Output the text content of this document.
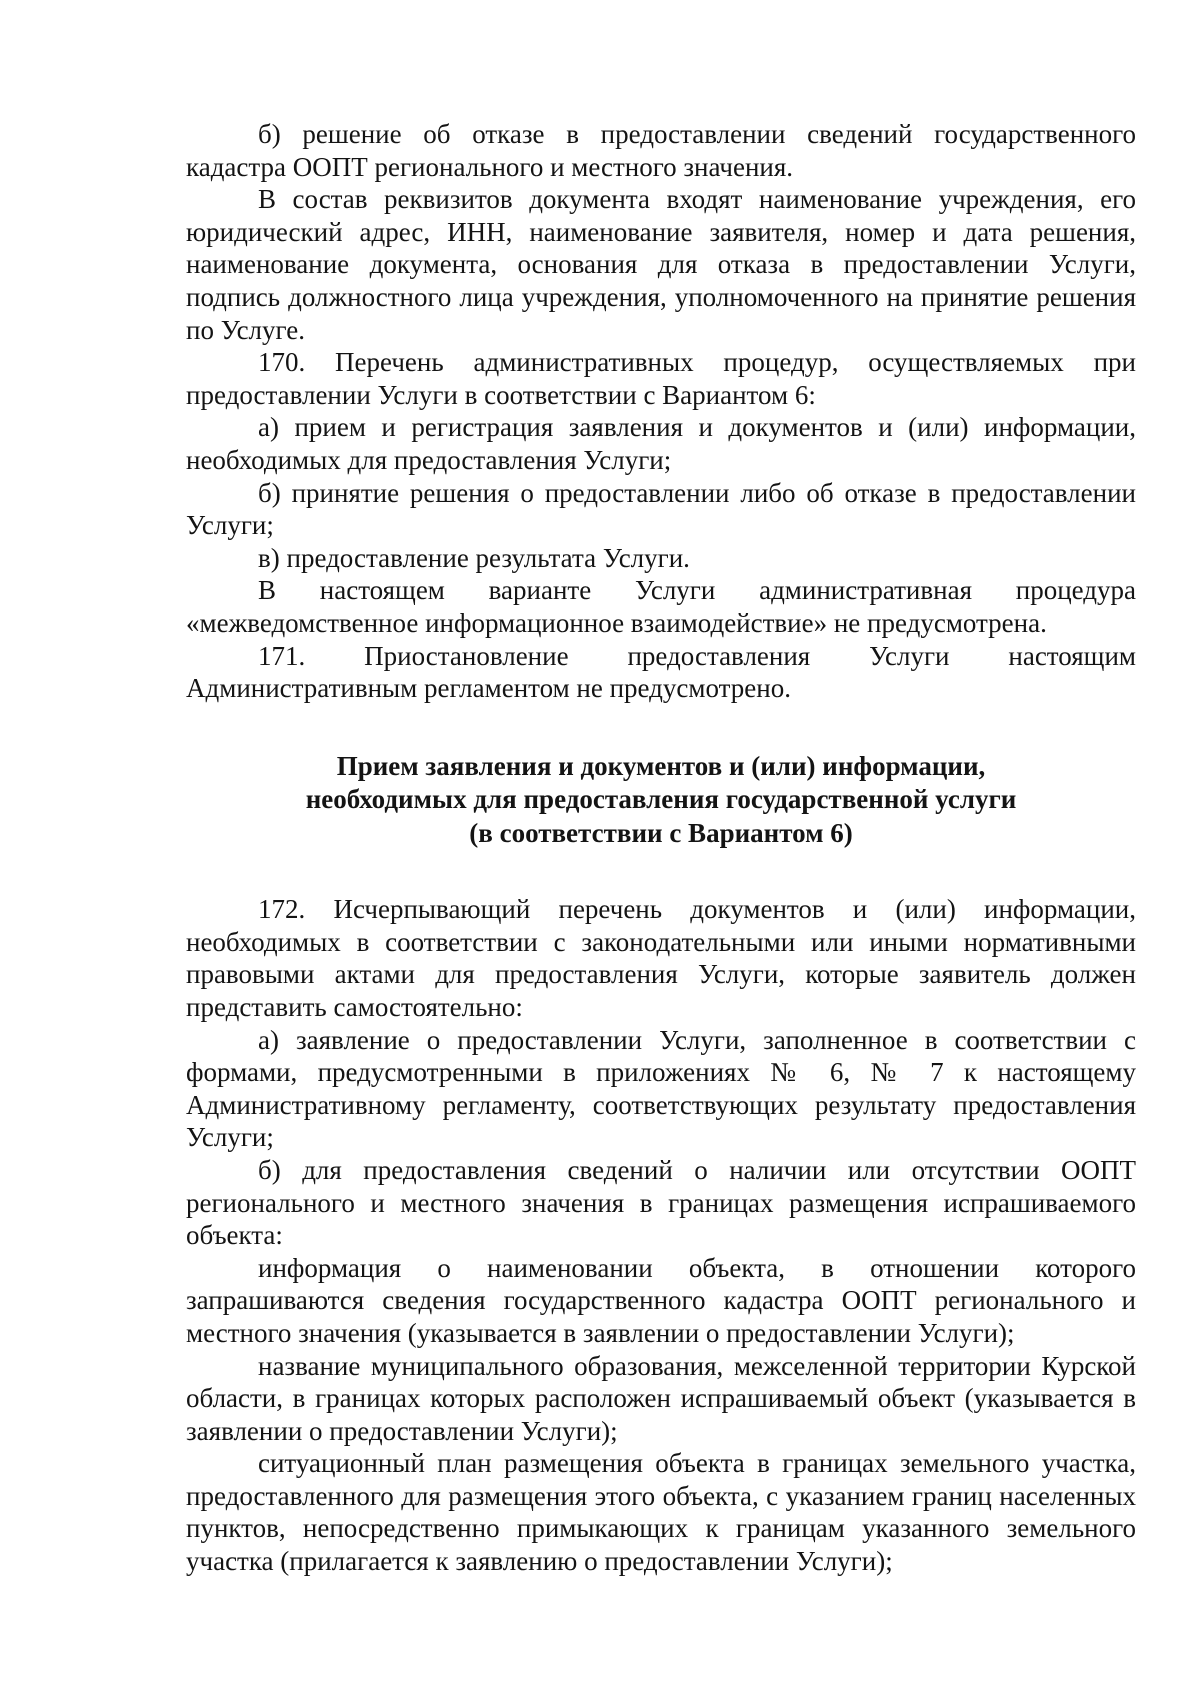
б) решение об отказе в предоставлении сведений государственного кадастра ООПТ регионального и местного значения.

В состав реквизитов документа входят наименование учреждения, его юридический адрес, ИНН, наименование заявителя, номер и дата решения, наименование документа, основания для отказа в предоставлении Услуги, подпись должностного лица учреждения, уполномоченного на принятие решения по Услуге.

170. Перечень административных процедур, осуществляемых при предоставлении Услуги в соответствии с Вариантом 6:

а) прием и регистрация заявления и документов и (или) информации, необходимых для предоставления Услуги;

б) принятие решения о предоставлении либо об отказе в предоставлении Услуги;

в) предоставление результата Услуги.

В настоящем варианте Услуги административная процедура «межведомственное информационное взаимодействие» не предусмотрена.

171. Приостановление предоставления Услуги настоящим Административным регламентом не предусмотрено.

Прием заявления и документов и (или) информации,
необходимых для предоставления государственной услуги
(в соответствии с Вариантом 6)

172. Исчерпывающий перечень документов и (или) информации, необходимых в соответствии с законодательными или иными нормативными правовыми актами для предоставления Услуги, которые заявитель должен представить самостоятельно:

а) заявление о предоставлении Услуги, заполненное в соответствии с формами, предусмотренными в приложениях № 6, № 7 к настоящему Административному регламенту, соответствующих результату предоставления Услуги;

б) для предоставления сведений о наличии или отсутствии ООПТ регионального и местного значения в границах размещения испрашиваемого объекта:

информация о наименовании объекта, в отношении которого запрашиваются сведения государственного кадастра ООПТ регионального и местного значения (указывается в заявлении о предоставлении Услуги);

название муниципального образования, межселенной территории Курской области, в границах которых расположен испрашиваемый объект (указывается в заявлении о предоставлении Услуги);

ситуационный план размещения объекта в границах земельного участка, предоставленного для размещения этого объекта, с указанием границ населенных пунктов, непосредственно примыкающих к границам указанного земельного участка (прилагается к заявлению о предоставлении Услуги);
